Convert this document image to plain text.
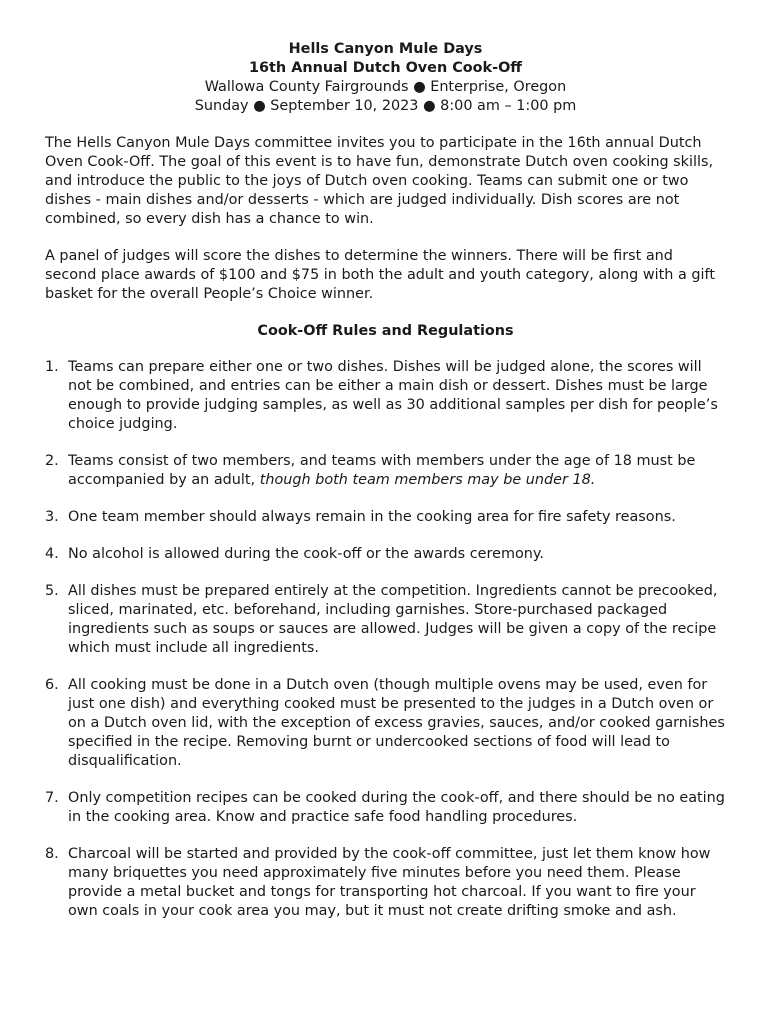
Hells Canyon Mule Days
16th Annual Dutch Oven Cook-Off
Wallowa County Fairgrounds ● Enterprise, Oregon
Sunday ● September 10, 2023 ● 8:00 am – 1:00 pm

The Hells Canyon Mule Days committee invites you to participate in the 16th annual Dutch Oven Cook-Off. The goal of this event is to have fun, demonstrate Dutch oven cooking skills, and introduce the public to the joys of Dutch oven cooking. Teams can submit one or two dishes - main dishes and/or desserts - which are judged individually. Dish scores are not combined, so every dish has a chance to win.

A panel of judges will score the dishes to determine the winners. There will be first and second place awards of $100 and $75 in both the adult and youth category, along with a gift basket for the overall People’s Choice winner.

Cook-Off Rules and Regulations
1. Teams can prepare either one or two dishes. Dishes will be judged alone, the scores will not be combined, and entries can be either a main dish or dessert. Dishes must be large enough to provide judging samples, as well as 30 additional samples per dish for people’s choice judging.
2. Teams consist of two members, and teams with members under the age of 18 must be accompanied by an adult, though both team members may be under 18.
3. One team member should always remain in the cooking area for fire safety reasons.
4. No alcohol is allowed during the cook-off or the awards ceremony.
5. All dishes must be prepared entirely at the competition. Ingredients cannot be precooked, sliced, marinated, etc. beforehand, including garnishes. Store-purchased packaged ingredients such as soups or sauces are allowed. Judges will be given a copy of the recipe which must include all ingredients.
6. All cooking must be done in a Dutch oven (though multiple ovens may be used, even for just one dish) and everything cooked must be presented to the judges in a Dutch oven or on a Dutch oven lid, with the exception of excess gravies, sauces, and/or cooked garnishes specified in the recipe. Removing burnt or undercooked sections of food will lead to disqualification.
7. Only competition recipes can be cooked during the cook-off, and there should be no eating in the cooking area. Know and practice safe food handling procedures.
8. Charcoal will be started and provided by the cook-off committee, just let them know how many briquettes you need approximately five minutes before you need them. Please provide a metal bucket and tongs for transporting hot charcoal. If you want to fire your own coals in your cook area you may, but it must not create drifting smoke and ash.
